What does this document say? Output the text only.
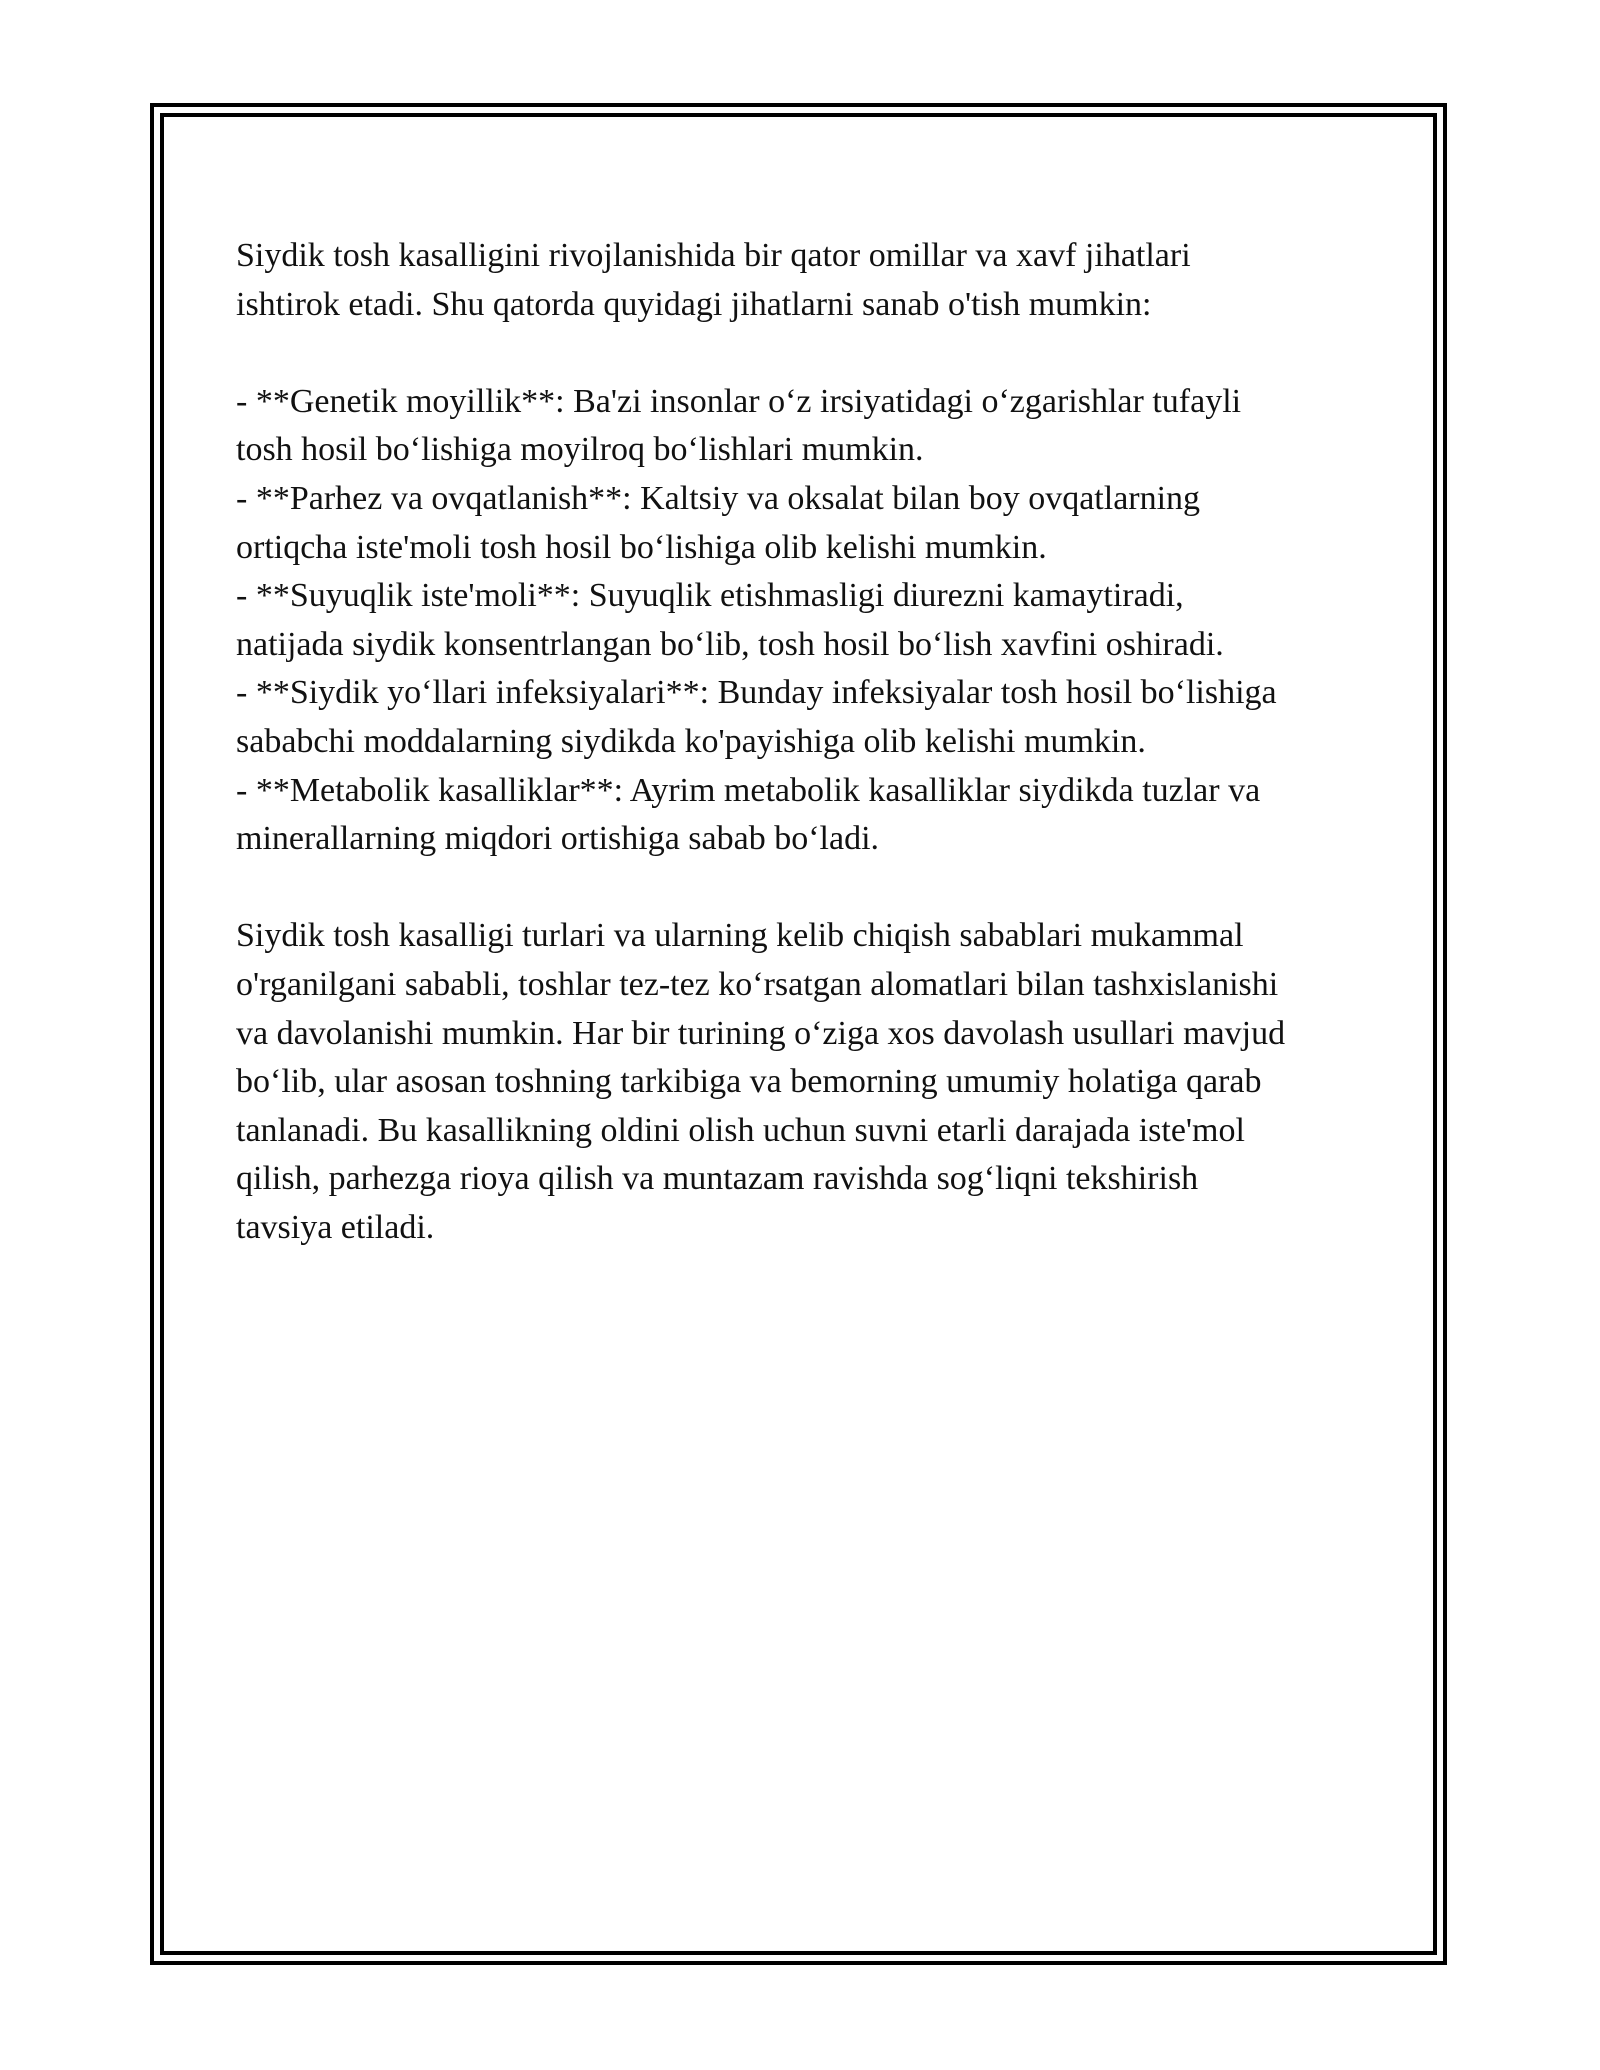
Siydik tosh kasalligini rivojlanishida bir qator omillar va xavf jihatlari
ishtirok etadi. Shu qatorda quyidagi jihatlarni sanab o'tish mumkin:

- **Genetik moyillik**: Ba'zi insonlar oʻz irsiyatidagi oʻzgarishlar tufayli
tosh hosil boʻlishiga moyilroq boʻlishlari mumkin.
- **Parhez va ovqatlanish**: Kaltsiy va oksalat bilan boy ovqatlarning
ortiqcha iste'moli tosh hosil boʻlishiga olib kelishi mumkin.
- **Suyuqlik iste'moli**: Suyuqlik etishmasligi diurezni kamaytiradi,
natijada siydik konsentrlangan boʻlib, tosh hosil boʻlish xavfini oshiradi.
- **Siydik yoʻllari infeksiyalari**: Bunday infeksiyalar tosh hosil boʻlishiga
sababchi moddalarning siydikda ko'payishiga olib kelishi mumkin.
- **Metabolik kasalliklar**: Ayrim metabolik kasalliklar siydikda tuzlar va
minerallarning miqdori ortishiga sabab boʻladi.

Siydik tosh kasalligi turlari va ularning kelib chiqish sabablari mukammal
o'rganilgani sababli, toshlar tez-tez koʻrsatgan alomatlari bilan tashxislanishi
va davolanishi mumkin. Har bir turining oʻziga xos davolash usullari mavjud
boʻlib, ular asosan toshning tarkibiga va bemorning umumiy holatiga qarab
tanlanadi. Bu kasallikning oldini olish uchun suvni etarli darajada iste'mol
qilish, parhezga rioya qilish va muntazam ravishda sogʻliqni tekshirish
tavsiya etiladi.
